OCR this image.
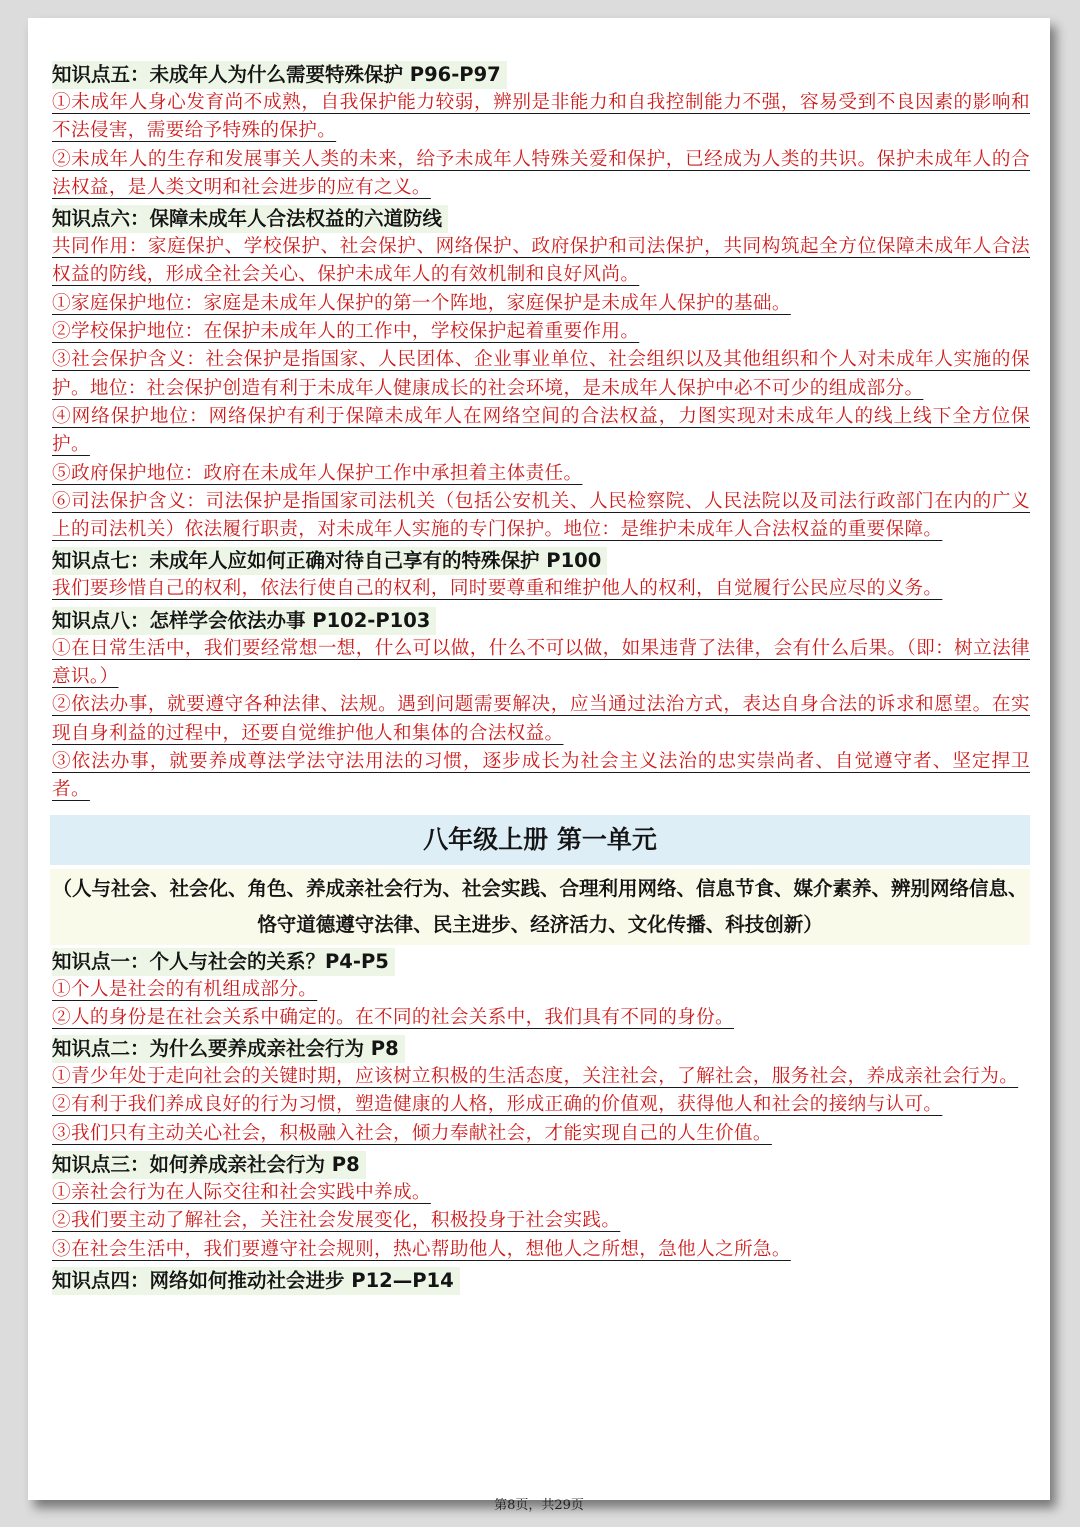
知识点五：未成年人为什么需要特殊保护 P96-P97
①未成年人身心发育尚不成熟，自我保护能力较弱，辨别是非能力和自我控制能力不强，容易受到不良因素的影响和不法侵害，需要给予特殊的保护。
②未成年人的生存和发展事关人类的未来，给予未成年人特殊关爱和保护，已经成为人类的共识。保护未成年人的合法权益，是人类文明和社会进步的应有之义。
知识点六：保障未成年人合法权益的六道防线
共同作用：家庭保护、学校保护、社会保护、网络保护、政府保护和司法保护，共同构筑起全方位保障未成年人合法权益的防线，形成全社会关心、保护未成年人的有效机制和良好风尚。
①家庭保护地位：家庭是未成年人保护的第一个阵地，家庭保护是未成年人保护的基础。
②学校保护地位：在保护未成年人的工作中，学校保护起着重要作用。
③社会保护含义：社会保护是指国家、人民团体、企业事业单位、社会组织以及其他组织和个人对未成年人实施的保护。地位：社会保护创造有利于未成年人健康成长的社会环境，是未成年人保护中必不可少的组成部分。
④网络保护地位：网络保护有利于保障未成年人在网络空间的合法权益，力图实现对未成年人的线上线下全方位保护。
⑤政府保护地位：政府在未成年人保护工作中承担着主体责任。
⑥司法保护含义：司法保护是指国家司法机关（包括公安机关、人民检察院、人民法院以及司法行政部门在内的广义上的司法机关）依法履行职责，对未成年人实施的专门保护。地位：是维护未成年人合法权益的重要保障。
知识点七：未成年人应如何正确对待自己享有的特殊保护 P100
我们要珍惜自己的权利，依法行使自己的权利，同时要尊重和维护他人的权利，自觉履行公民应尽的义务。
知识点八：怎样学会依法办事 P102-P103
①在日常生活中，我们要经常想一想，什么可以做，什么不可以做，如果违背了法律，会有什么后果。（即：树立法律意识。）
②依法办事，就要遵守各种法律、法规。遇到问题需要解决，应当通过法治方式，表达自身合法的诉求和愿望。在实现自身利益的过程中，还要自觉维护他人和集体的合法权益。
③依法办事，就要养成尊法学法守法用法的习惯，逐步成长为社会主义法治的忠实崇尚者、自觉遵守者、坚定捍卫者。
八年级上册 第一单元
（人与社会、社会化、角色、养成亲社会行为、社会实践、合理利用网络、信息节食、媒介素养、辨别网络信息、恪守道德遵守法律、民主进步、经济活力、文化传播、科技创新）
知识点一：个人与社会的关系？P4-P5
①个人是社会的有机组成部分。
②人的身份是在社会关系中确定的。在不同的社会关系中，我们具有不同的身份。
知识点二：为什么要养成亲社会行为 P8
①青少年处于走向社会的关键时期，应该树立积极的生活态度，关注社会，了解社会，服务社会，养成亲社会行为。
②有利于我们养成良好的行为习惯，塑造健康的人格，形成正确的价值观，获得他人和社会的接纳与认可。
③我们只有主动关心社会，积极融入社会，倾力奉献社会，才能实现自己的人生价值。
知识点三：如何养成亲社会行为 P8
①亲社会行为在人际交往和社会实践中养成。
②我们要主动了解社会，关注社会发展变化，积极投身于社会实践。
③在社会生活中，我们要遵守社会规则，热心帮助他人，想他人之所想，急他人之所急。
知识点四：网络如何推动社会进步 P12—P14
第8页，共29页
